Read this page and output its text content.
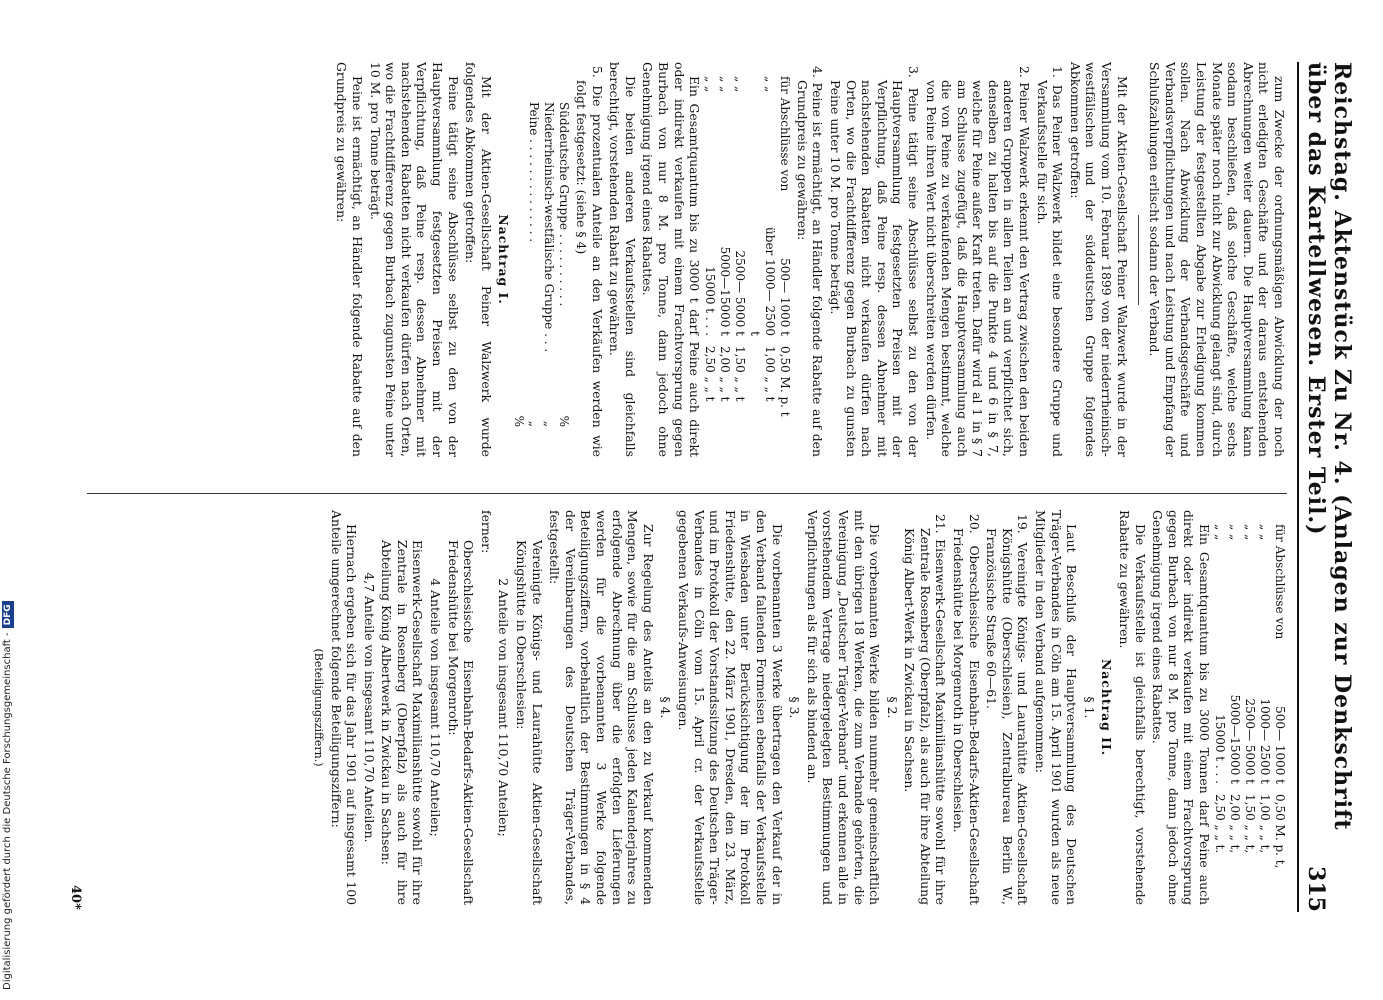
Reichstag. Aktenstück Zu Nr. 4. (Anlagen zur Denkschrift über das Kartellwesen. Erster Teil.)
315

zum Zwecke der ordnungsmäßigen Abwicklung der noch nicht erledigten Geschäfte und der daraus entstehenden Abrechnungen weiter dauern. Die Hauptversammlung kann sodann beschließen, daß solche Geschäfte, welche sechs Monate später noch nicht zur Abwicklung gelangt sind, durch Leistung der festgestellten Abgabe zur Erledigung kommen sollen. Nach Abwicklung der Verbandsgeschäfte und Verbandsverpflichtungen und nach Leistung und Empfang der Schlußzahlungen erlischt sodann der Verband.

Mit der Aktien-Gesellschaft Peiner Walzwerk wurde in der Versammlung vom 10. Februar 1899 von der niederrheinisch-westfälischen und der süddeutschen Gruppe folgendes Abkommen getroffen:

1. Das Peiner Walzwerk bildet eine besondere Gruppe und Verkaufsstelle für sich.

2. Peiner Walzwerk erkennt den Vertrag zwischen den beiden anderen Gruppen in allen Teilen an und verpflichtet sich, denselben zu halten bis auf die Punkte 4 und 6 in § 7, welche für Peine außer Kraft treten. Dafür wird al 1 in § 7 am Schlusse zugefügt, daß die Hauptversammlung auch die von Peine zu verkaufenden Mengen bestimmt, welche von Peine ihren Wert nicht überschreiten werden dürfen.

3. Peine tätigt seine Abschlüsse selbst zu den von der Hauptversammlung festgesetzten Preisen mit der Verpflichtung, daß Peine resp. dessen Abnehmer mit nachstehenden Rabatten nicht verkaufen dürfen nach Orten, wo die Frachtdifferenz gegen Burbach zu gunsten Peine unter 10 M. pro Tonne beträgt.

4. Peine ist ermächtigt, an Händler folgende Rabatte auf den Grundpreis zu gewähren:

für Abschlüsse von
500— 1000 t
0,50 M. p. t
„ „
über 1000— 2500 t
1,00 „ „ t
„ „
2500— 5000 t
1,50 „ „ t
„ „
5000—15000 t
2,00 „ „ t
„ „
15000 t . . .
2,50 „ „ t

Ein Gesamtquantum bis zu 3000 t darf Peine auch direkt oder indirekt verkaufen mit einem Frachtvorsprung gegen Burbach von nur 8 M. pro Tonne, dann jedoch ohne Genehmigung irgend eines Rabattes.

Die beiden anderen Verkaufsstellen sind gleichfalls berechtigt, vorstehenden Rabatt zu gewähren.

5. Die prozentualen Anteile an den Verkäufen werden wie folgt festgesetzt: (siehe § 4)

Süddeutsche Gruppe . . . . . . . . . .
%
Niederrheinisch-westfälische Gruppe . . .
„
Peine . . . . . . . . . . . . . .
„
%

Nachtrag I.

Mit der Aktien-Gesellschaft Peiner Walzwerk wurde folgendes Abkommen getroffen:

Peine tätigt seine Abschlüsse selbst zu den von der Hauptversammlung festgesetzten Preisen mit der Verpflichtung, daß Peine resp. dessen Abnehmer mit nachstehenden Rabatten nicht verkaufen dürfen nach Orten, wo die Frachtdifferenz gegen Burbach zugunsten Peine unter 10 M. pro Tonne beträgt.

Peine ist ermächtigt, an Händler folgende Rabatte auf den Grundpreis zu gewähren:

für Abschlüsse von
500— 1000 t
0,50 M. p. t,
„ „
1000— 2500 t
1,00 „ „ t,
„ „
2500— 5000 t
1,50 „ „ t,
„ „
5000—15000 t
2,00 „ „ t,
„ „
15000 t . . .
2,50 „ „ t.

Ein Gesamtquantum bis zu 3000 Tonnen darf Peine auch direkt oder indirekt verkaufen mit einem Frachtvorsprung gegen Burbach von nur 8 M. pro Tonne, dann jedoch ohne Genehmigung irgend eines Rabattes.

Die Verkaufsstelle ist gleichfalls berechtigt, vorstehende Rabatte zu gewähren.

Nachtrag II.

§ 1.

Laut Beschluß der Hauptversammlung des Deutschen Träger-Verbandes in Cöln am 15. April 1901 wurden als neue Mitglieder in den Verband aufgenommen:

19. Vereinigte Königs- und Laurahütte Aktien-Gesellschaft Königshütte (Oberschlesien), Zentralbureau Berlin W., Französische Straße 60—61.

20. Oberschlesische Eisenbahn-Bedarfs-Aktien-Gesellschaft Friedenshütte bei Morgenroth in Oberschlesien.

21. Eisenwerk-Gesellschaft Maximilianshütte sowohl für ihre Zentrale Rosenberg (Oberpfalz), als auch für ihre Abteilung König Albert-Werk in Zwickau in Sachsen.

§ 2.

Die vorbenannten Werke bilden nunmehr gemeinschaftlich mit den übrigen 18 Werken, die zum Verbande gehörten, die Vereinigung „Deutscher Träger-Verband“ und erkennen alle in vorstehendem Vertrage niedergelegten Bestimmungen und Verpflichtungen als für sich als bindend an.

§ 3.

Die vorbenannten 3 Werke übertragen den Verkauf der in den Verband fallenden Formeisen ebenfalls der Verkaufsstelle in Wiesbaden unter Berücksichtigung der im Protokoll Friedenshütte, den 22. März 1901, Dresden, den 23. März, und im Protokoll der Vorstandssitzung des Deutschen Träger-Verbandes in Cöln vom 15. April cr. der Verkaufsstelle gegebenen Verkaufs-Anweisungen.

§ 4.

Zur Regelung des Anteils an den zu Verkauf kommenden Mengen, sowie für die am Schlusse jeden Kalenderjahres zu erfolgende Abrechnung über die erfolgten Lieferungen werden für die vorbenannten 3 Werke folgende Beteiligungsziffern, vorbehaltlich der Bestimmungen in § 4 der Vereinbarungen des Deutschen Träger-Verbandes, festgestellt:

Vereinigte Königs- und Laurahütte Aktien-Gesellschaft Königshütte in Oberschlesien:

2 Anteile von insgesamt 110,70 Anteilen;

ferner:

Oberschlesische Eisenbahn-Bedarfs-Aktien-Gesellschaft Friedenshütte bei Morgenroth:

4 Anteile von insgesamt 110,70 Anteilen;

Eisenwerk-Gesellschaft Maximilianshütte sowohl für ihre Zentrale in Rosenberg (Oberpfalz) als auch für ihre Abteilung König Albertwerk in Zwickau in Sachsen:

4,7 Anteile von insgesamt 110,70 Anteilen.

Hiernach ergeben sich für das Jahr 1901 auf insgesamt 100 Anteile umgerechnet folgende Beteiligungsziffern:

(Beteiligungsziffern.)

40*
Digitalisierung gefördert durch die Deutsche Forschungsgemeinschaft -DFG
